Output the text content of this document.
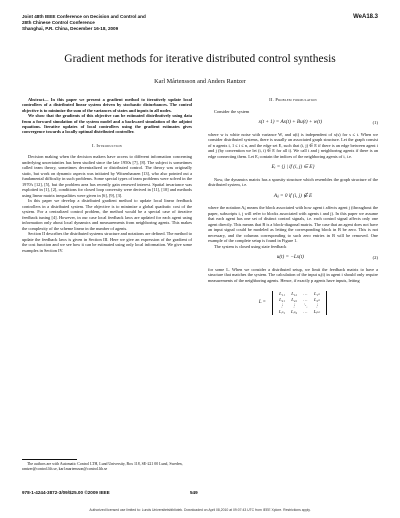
Joint 48th IEEE Conference on Decision and Control and
28th Chinese Control Conference
Shanghai, P.R. China, December 16-18, 2009
WeA18.3
Gradient methods for iterative distributed control synthesis
Karl Mårtensson and Anders Rantzer

Abstract— In this paper we present a gradient method to iteratively update local controllers of a distributed linear system driven by stochastic disturbances. The control objective is to minimize the sum of the variances of states and inputs in all nodes.

We show that the gradients of this objective can be estimated distributively using data from a forward simulation of the system model and a backward simulation of the adjoint equations. Iterative updates of local controllers using the gradient estimates gives convergence towards a locally optimal distributed controller.

I. Introduction

Decision making when the decision makers have access to different information concerning underlying uncertainties has been studied since the late 1950s [7], [8]. The subject is sometimes called team theory, sometimes decentralized or distributed control. The theory was originally static, but work on dynamic aspects was initiated by Witsenhausen [13], who also pointed out a fundamental difficulty in such problems. Some special types of team problems were solved in the 1970's [12], [5], but the problem area has recently gain renewed interest. Spatial invariance was exploited in [1], [2], conditions for closed loop convexity were derived in [11], [10] and methods using linear matrix inequalities were given in [6], [9], [3].

In this paper we develop a distributed gradient method to update local linear feedback controllers in a distributed system. The objective is to minimize a global quadratic cost of the system. For a centralized control problem, the method would be a special case of iterative feedback tuning [4]. However, in our case local feedback laws are updated for each agent using information only about local dynamics and measurements from neighboring agents. This makes the complexity of the scheme linear in the number of agents.

Section II describes the distributed systems structure and notations are defined. The method to update the feedback laws is given in Section III. Here we give an expression of the gradient of the cost function and we see how it can be estimated using only local information. We give some examples in Section IV.

The authors are with Automatic Control LTH, Lund University, Box 118, SE-221 00 Lund, Sweden, rantzer@control.lth.se, karl.martensson@control.lth.se

II. Problem formulation

Consider the system

x(t + 1) = Ax(t) + Bu(t) + w(t)	(1)

where w is white noise with variance W, and u(t) is independent of x(s) for s ≤ t. When we consider distributed systems, there is usually an associated graph structure. Let the graph consist of n agents i, 1 ≤ i ≤ n, and the edge set E, such that (i, j) ∈ E if there is an edge between agent i and j (by convention we let (i, i) ∈ E for all i). We call i and j neighboring agents if there is an edge connecting them. Let Eᵢ contain the indices of the neighboring agents of i, i.e.

Eᵢ = {j | if (i, j) ∈ E}

Now, the dynamics matrix has a sparsity structure which resembles the graph structure of the distributed system, i.e.

Aᵢⱼ = 0 if (i, j) ∉ E

where the notation Aᵢⱼ means the block associated with how agent i affects agent j (throughout the paper, subscripts i, j will refer to blocks associated with agents i and j). In this paper we assume that each agent has one set of distinct control signals, i.e. each control signal affects only one agent directly. This means that B is a block-diagonal matrix. The case that an agent does not have an input signal could be modeled as letting the corresponding block in B be zero. This is not necessary, and the columns corresponding to such zero entries in B will be removed. One example of the complete setup is found in Figure 1.

The system is closed using state feedback

u(t) = −Lx(t)	(2)

for some L. When we consider a distributed setup, we limit the feedback matrix to have a structure that matches the system. The calculation of the input uᵢ(t) in agent i should only require measurements of the neighboring agents. Hence, if exactly p agents have inputs, letting

L =
L₁₁	L₁₂	…	L₁ₙ
L₂₁	L₂₂	…	L₂ₙ
⋮	⋮	⋱	⋮
Lₚ₁	Lₚ₂	…	Lₚₙ
978-1-4244-3872-3/09/$25.00 ©2009 IEEE	549
Authorized licensed use limited to: Lunds Universitetsbibliotek. Downloaded on April 08,2010 at 09:07:43 UTC from IEEE Xplore. Restrictions apply.
